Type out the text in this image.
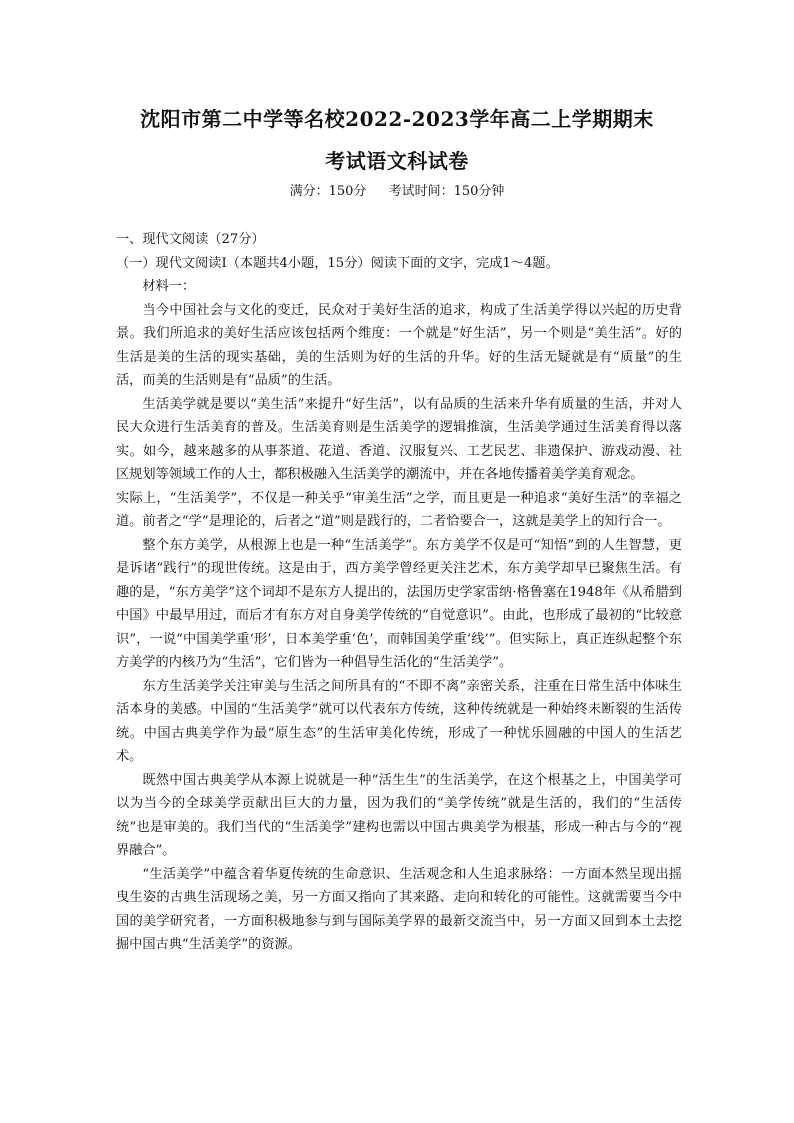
沈阳市第二中学等名校2022-2023学年高二上学期期末
考试语文科试卷
满分：150分 考试时间：150分钟

一、现代文阅读（27分）

（一）现代文阅读Ⅰ（本题共4小题，15分）阅读下面的文字，完成1～4题。

材料一：

当今中国社会与文化的变迁，民众对于美好生活的追求，构成了生活美学得以兴起的历史背景。我们所追求的美好生活应该包括两个维度：一个就是“好生活”，另一个则是“美生活”。好的生活是美的生活的现实基础，美的生活则为好的生活的升华。好的生活无疑就是有“质量”的生活，而美的生活则是有“品质”的生活。

生活美学就是要以“美生活”来提升“好生活”，以有品质的生活来升华有质量的生活，并对人民大众进行生活美育的普及。生活美育则是生活美学的逻辑推演，生活美学通过生活美育得以落实。如今，越来越多的从事茶道、花道、香道、汉服复兴、工艺民艺、非遗保护、游戏动漫、社区规划等领域工作的人士，都积极融入生活美学的潮流中，并在各地传播着美学美育观念。

实际上，“生活美学”，不仅是一种关乎“审美生活”之学，而且更是一种追求“美好生活”的幸福之道。前者之“学”是理论的，后者之“道”则是践行的，二者恰要合一，这就是美学上的知行合一。

整个东方美学，从根源上也是一种“生活美学”。东方美学不仅是可“知悟”到的人生智慧，更是诉诸“践行”的现世传统。这是由于，西方美学曾经更关注艺术，东方美学却早已聚焦生活。有趣的是，“东方美学”这个词却不是东方人提出的，法国历史学家雷纳·格鲁塞在1948年《从希腊到中国》中最早用过，而后才有东方对自身美学传统的“自觉意识”。由此，也形成了最初的“比较意识”，一说“中国美学重‘形’，日本美学重‘色’，而韩国美学重‘线’”。但实际上，真正连纵起整个东方美学的内核乃为“生活”，它们皆为一种倡导生活化的“生活美学”。

东方生活美学关注审美与生活之间所具有的“不即不离”亲密关系，注重在日常生活中体味生活本身的美感。中国的“生活美学”就可以代表东方传统，这种传统就是一种始终未断裂的生活传统。中国古典美学作为最“原生态”的生活审美化传统，形成了一种忧乐圆融的中国人的生活艺术。

既然中国古典美学从本源上说就是一种“活生生”的生活美学，在这个根基之上，中国美学可以为当今的全球美学贡献出巨大的力量，因为我们的“美学传统”就是生活的，我们的“生活传统”也是审美的。我们当代的“生活美学”建构也需以中国古典美学为根基，形成一种古与今的“视界融合”。

“生活美学”中蕴含着华夏传统的生命意识、生活观念和人生追求脉络：一方面本然呈现出摇曳生姿的古典生活现场之美，另一方面又指向了其来路、走向和转化的可能性。这就需要当今中国的美学研究者，一方面积极地参与到与国际美学界的最新交流当中，另一方面又回到本土去挖掘中国古典“生活美学”的资源。
